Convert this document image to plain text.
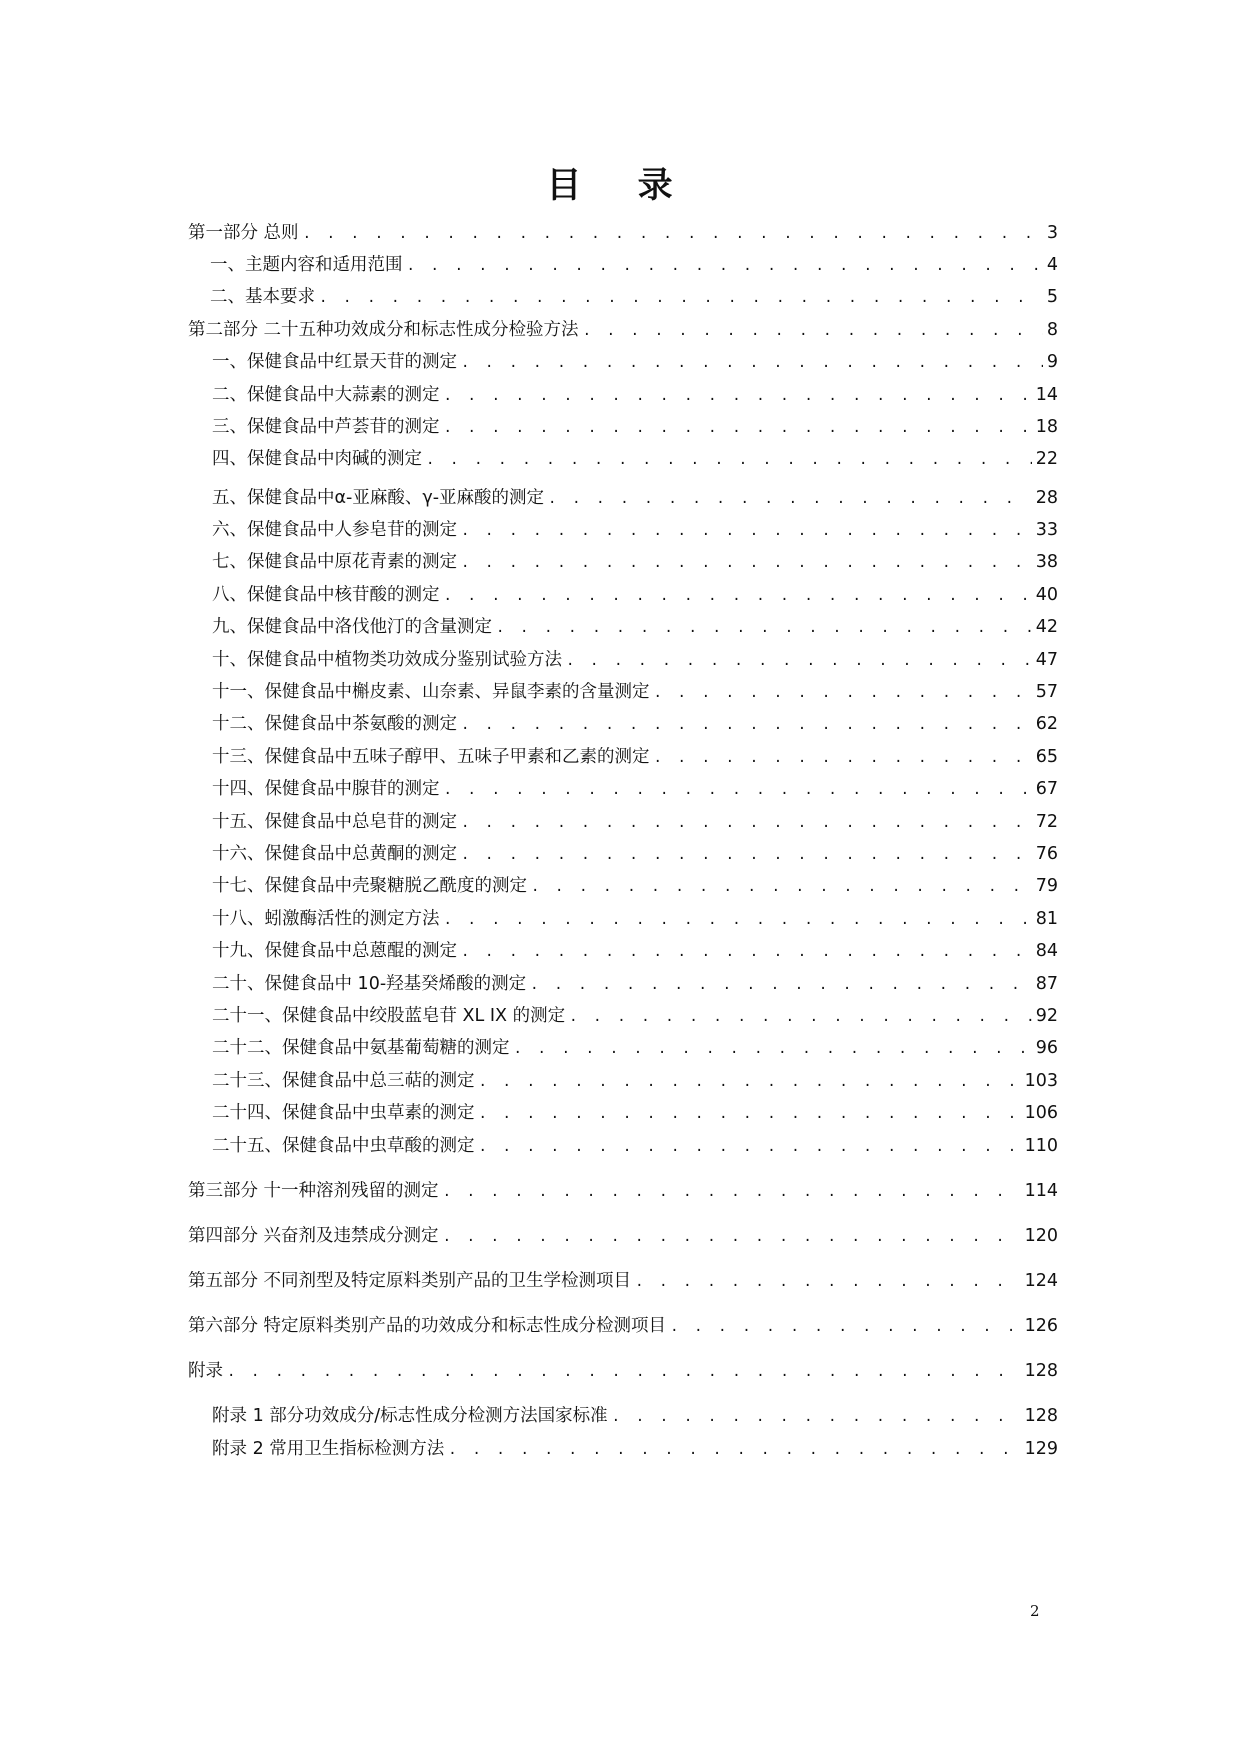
目 录
第一部分 总则 . . .	3
一、主题内容和适用范围 . . .	4
二、基本要求 . . .	5
第二部分 二十五种功效成分和标志性成分检验方法 . . .	8
一、保健食品中红景天苷的测定 . . .	9
二、保健食品中大蒜素的测定 . . .	14
三、保健食品中芦荟苷的测定 . . .	18
四、保健食品中肉碱的测定 . . .	22
五、保健食品中α-亚麻酸、γ-亚麻酸的测定 . . .	28
六、保健食品中人参皂苷的测定 . . .	33
七、保健食品中原花青素的测定 . . .	38
八、保健食品中核苷酸的测定 . . .	40
九、保健食品中洛伐他汀的含量测定 . . .	42
十、保健食品中植物类功效成分鉴别试验方法 . . .	47
十一、保健食品中槲皮素、山奈素、异鼠李素的含量测定 . . .	57
十二、保健食品中茶氨酸的测定 . . .	62
十三、保健食品中五味子醇甲、五味子甲素和乙素的测定 . . .	65
十四、保健食品中腺苷的测定 . . .	67
十五、保健食品中总皂苷的测定 . . .	72
十六、保健食品中总黄酮的测定 . . .	76
十七、保健食品中壳聚糖脱乙酰度的测定 . . .	79
十八、蚓激酶活性的测定方法 . . .	81
十九、保健食品中总蒽醌的测定 . . .	84
二十、保健食品中 10-羟基癸烯酸的测定 . . .	87
二十一、保健食品中绞股蓝皂苷 XL IX 的测定 . . .	92
二十二、保健食品中氨基葡萄糖的测定 . . .	96
二十三、保健食品中总三萜的测定 . . .	103
二十四、保健食品中虫草素的测定 . . .	106
二十五、保健食品中虫草酸的测定 . . .	110
第三部分 十一种溶剂残留的测定 . . .	114
第四部分 兴奋剂及违禁成分测定 . . .	120
第五部分 不同剂型及特定原料类别产品的卫生学检测项目 . . .	124
第六部分 特定原料类别产品的功效成分和标志性成分检测项目 . . .	126
附录 . . .	128
附录 1 部分功效成分/标志性成分检测方法国家标准 . . .	128
附录 2 常用卫生指标检测方法 . . .	129
2
